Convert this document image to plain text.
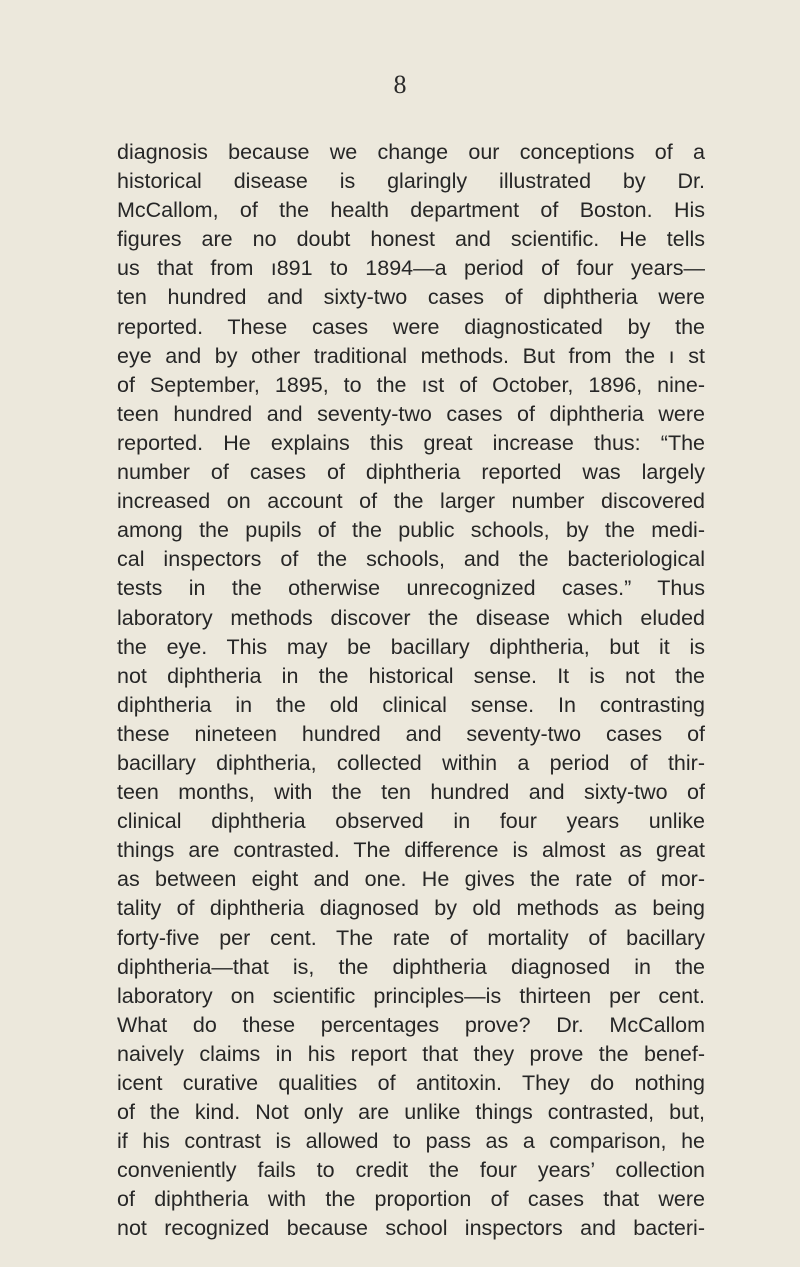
8
diagnosis because we change our conceptions of a
historical disease is glaringly illustrated by Dr.
McCallom, of the health department of Boston. His
figures are no doubt honest and scientific. He tells
us that from ı891 to 1894—a period of four years—
ten hundred and sixty-two cases of diphtheria were
reported. These cases were diagnosticated by the
eye and by other traditional methods. But from the ı st
of September, 1895, to the ıst of October, 1896, nine-
teen hundred and seventy-two cases of diphtheria were
reported. He explains this great increase thus: “The
number of cases of diphtheria reported was largely
increased on account of the larger number discovered
among the pupils of the public schools, by the medi-
cal inspectors of the schools, and the bacteriological
tests in the otherwise unrecognized cases.” Thus
laboratory methods discover the disease which eluded
the eye. This may be bacillary diphtheria, but it is
not diphtheria in the historical sense. It is not the
diphtheria in the old clinical sense. In contrasting
these nineteen hundred and seventy-two cases of
bacillary diphtheria, collected within a period of thir-
teen months, with the ten hundred and sixty-two of
clinical diphtheria observed in four years unlike
things are contrasted. The difference is almost as great
as between eight and one. He gives the rate of mor-
tality of diphtheria diagnosed by old methods as being
forty-five per cent. The rate of mortality of bacillary
diphtheria—that is, the diphtheria diagnosed in the
laboratory on scientific principles—is thirteen per cent.
What do these percentages prove? Dr. McCallom
naively claims in his report that they prove the benef-
icent curative qualities of antitoxin. They do nothing
of the kind. Not only are unlike things contrasted, but,
if his contrast is allowed to pass as a comparison, he
conveniently fails to credit the four years’ collection
of diphtheria with the proportion of cases that were
not recognized because school inspectors and bacteri-
